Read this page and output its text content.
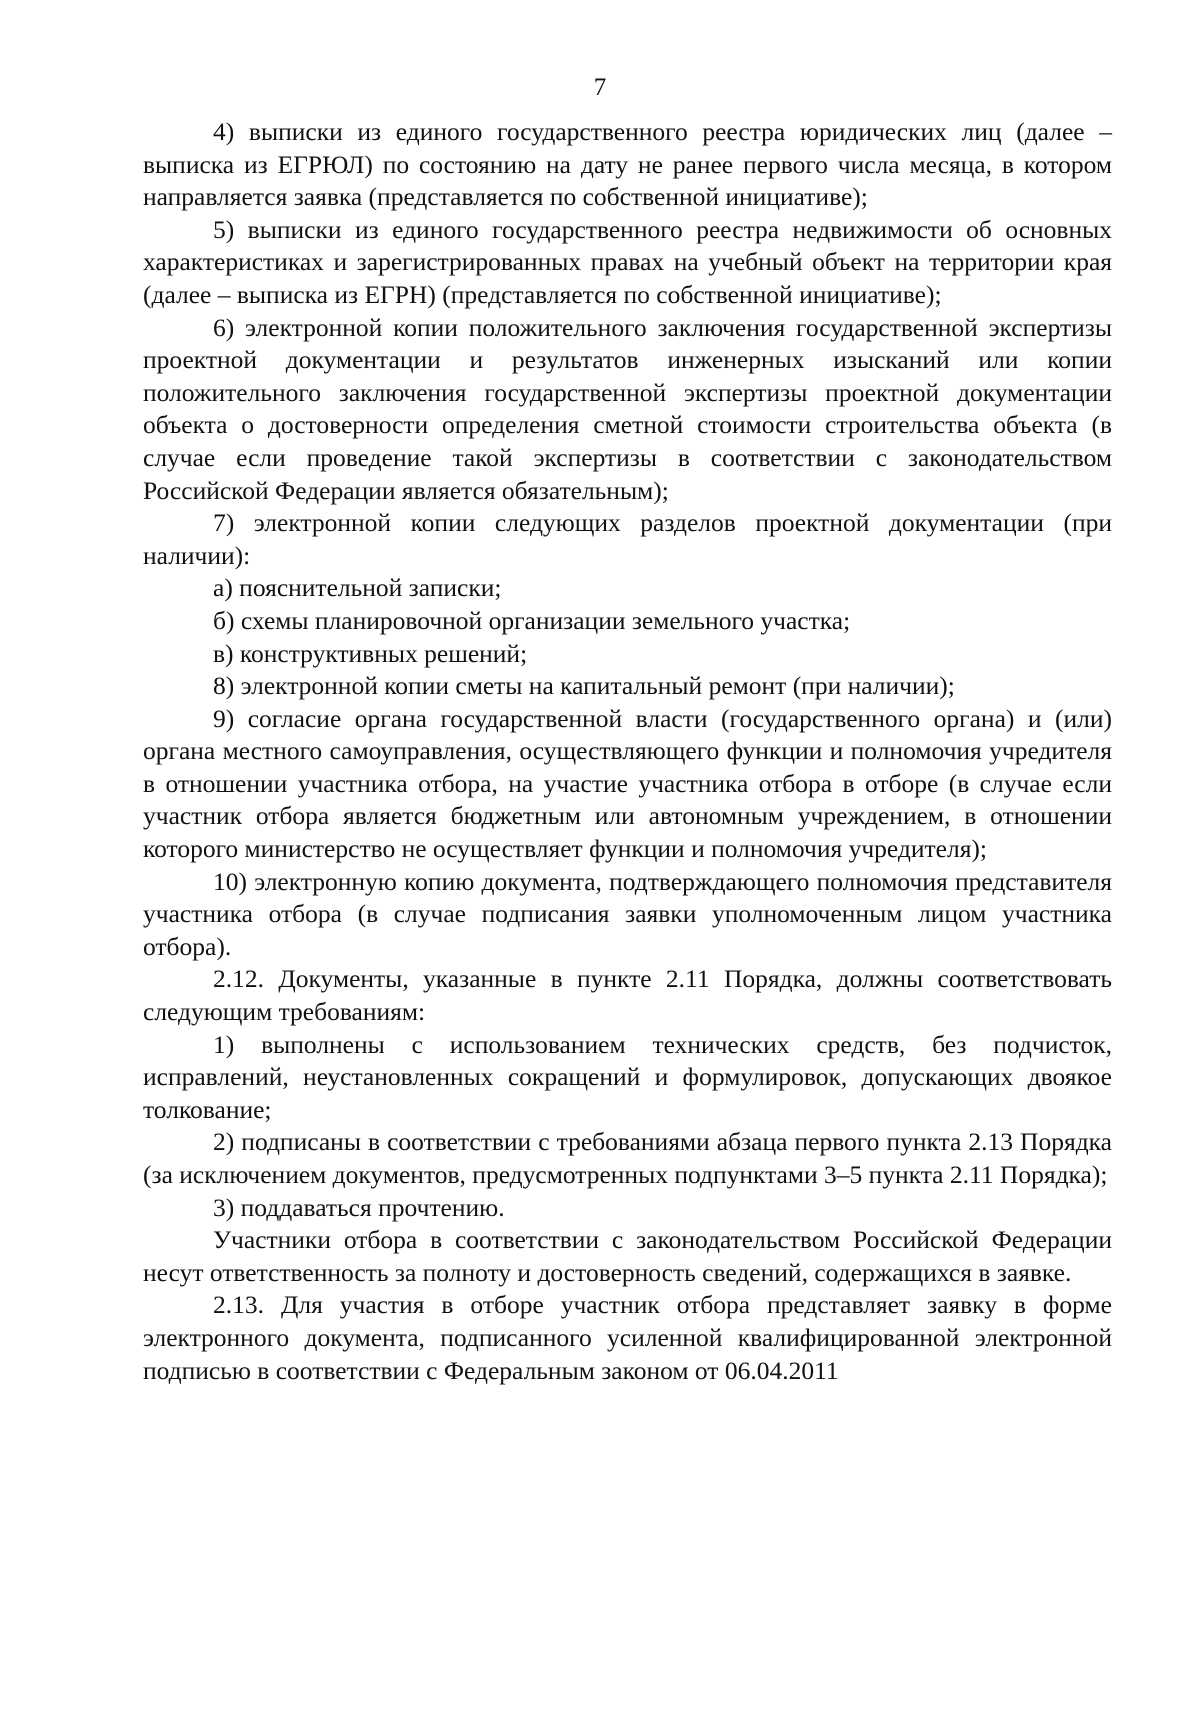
7

4) выписки из единого государственного реестра юридических лиц (далее – выписка из ЕГРЮЛ) по состоянию на дату не ранее первого числа месяца, в котором направляется заявка (представляется по собственной инициативе);

5) выписки из единого государственного реестра недвижимости об основных характеристиках и зарегистрированных правах на учебный объект на территории края (далее – выписка из ЕГРН) (представляется по собственной инициативе);

6) электронной копии положительного заключения государственной экспертизы проектной документации и результатов инженерных изысканий или копии положительного заключения государственной экспертизы проектной документации объекта о достоверности определения сметной стоимости строительства объекта (в случае если проведение такой экспертизы в соответствии с законодательством Российской Федерации является обязательным);

7) электронной копии следующих разделов проектной документации (при наличии):

а) пояснительной записки;

б) схемы планировочной организации земельного участка;

в) конструктивных решений;

8) электронной копии сметы на капитальный ремонт (при наличии);

9) согласие органа государственной власти (государственного органа) и (или) органа местного самоуправления, осуществляющего функции и полномочия учредителя в отношении участника отбора, на участие участника отбора в отборе (в случае если участник отбора является бюджетным или автономным учреждением, в отношении которого министерство не осуществляет функции и полномочия учредителя);

10) электронную копию документа, подтверждающего полномочия представителя участника отбора (в случае подписания заявки уполномоченным лицом участника отбора).

2.12. Документы, указанные в пункте 2.11 Порядка, должны соответствовать следующим требованиям:

1) выполнены с использованием технических средств, без подчисток, исправлений, неустановленных сокращений и формулировок, допускающих двоякое толкование;

2) подписаны в соответствии с требованиями абзаца первого пункта 2.13 Порядка (за исключением документов, предусмотренных подпунктами 3–5 пункта 2.11 Порядка);

3) поддаваться прочтению.

Участники отбора в соответствии с законодательством Российской Федерации несут ответственность за полноту и достоверность сведений, содержащихся в заявке.

2.13. Для участия в отборе участник отбора представляет заявку в форме электронного документа, подписанного усиленной квалифицированной электронной подписью в соответствии с Федеральным законом от 06.04.2011
